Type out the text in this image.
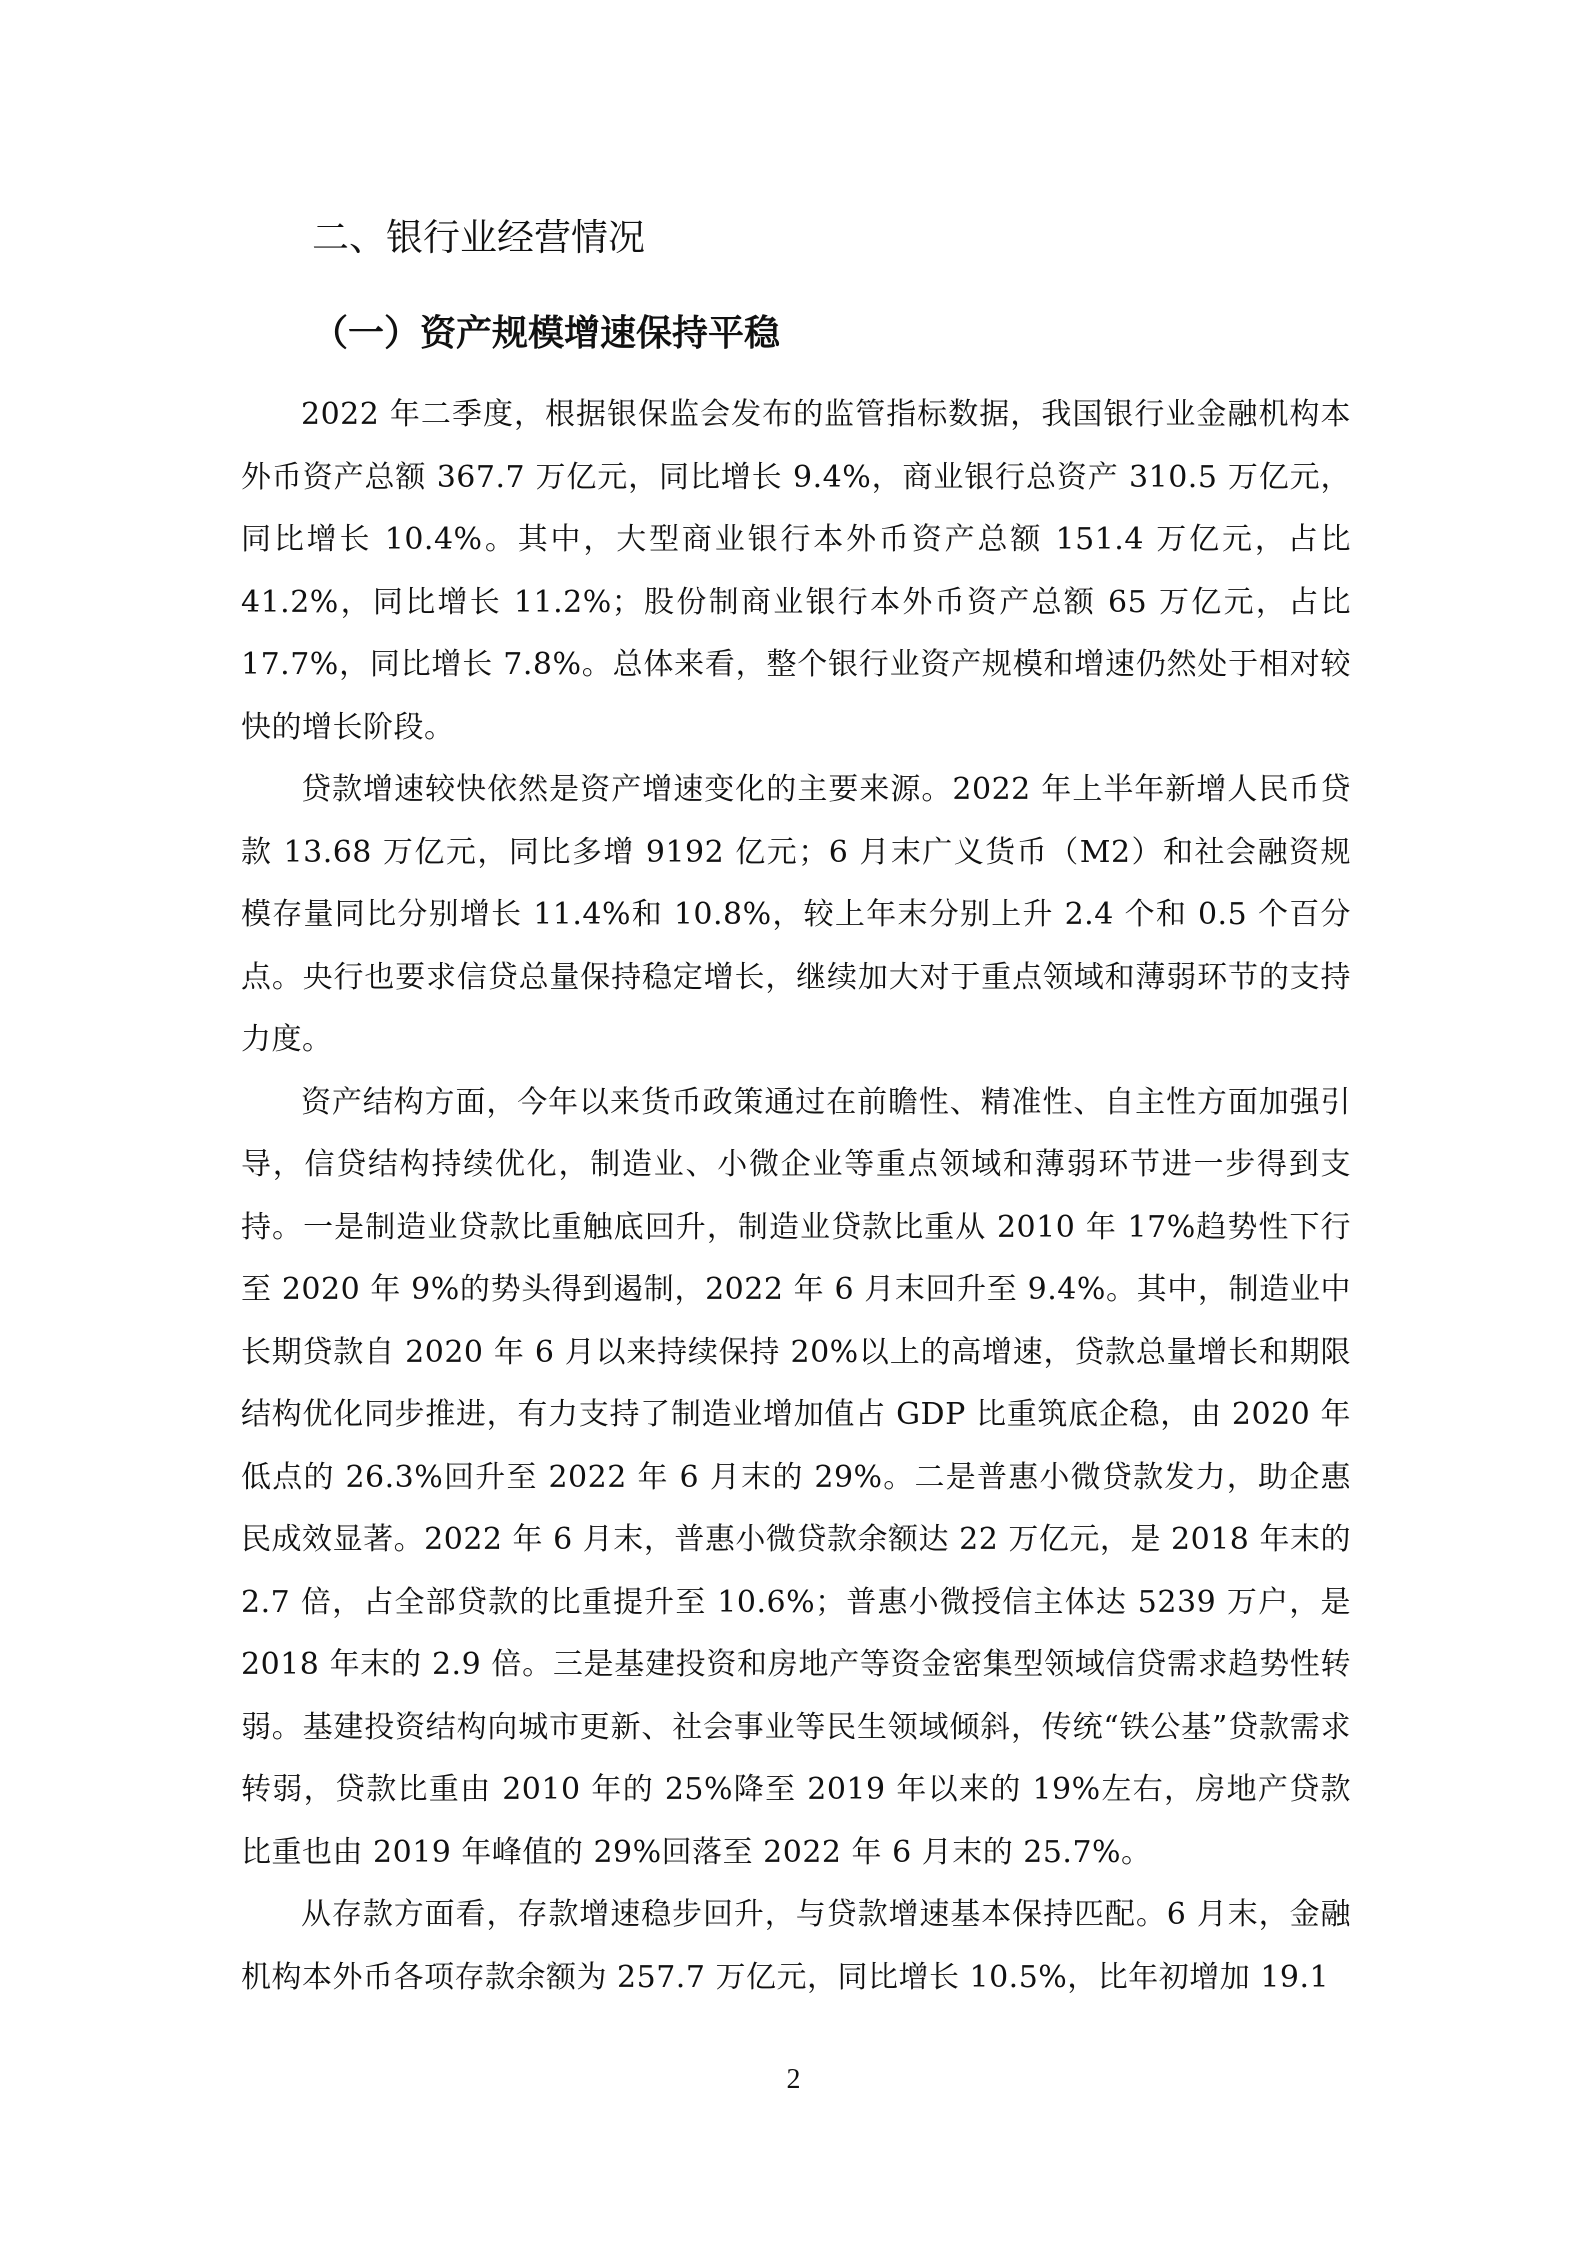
二、银行业经营情况
（一）资产规模增速保持平稳

2022 年二季度，根据银保监会发布的监管指标数据，我国银行业金融机构本外币资产总额 367.7 万亿元，同比增长 9.4%，商业银行总资产 310.5 万亿元，同比增长 10.4%。其中，大型商业银行本外币资产总额 151.4 万亿元，占比 41.2%，同比增长 11.2%；股份制商业银行本外币资产总额 65 万亿元，占比 17.7%，同比增长 7.8%。总体来看，整个银行业资产规模和增速仍然处于相对较快的增长阶段。

贷款增速较快依然是资产增速变化的主要来源。2022 年上半年新增人民币贷款 13.68 万亿元，同比多增 9192 亿元；6 月末广义货币（M2）和社会融资规模存量同比分别增长 11.4%和 10.8%，较上年末分别上升 2.4 个和 0.5 个百分点。央行也要求信贷总量保持稳定增长，继续加大对于重点领域和薄弱环节的支持力度。

资产结构方面，今年以来货币政策通过在前瞻性、精准性、自主性方面加强引导，信贷结构持续优化，制造业、小微企业等重点领域和薄弱环节进一步得到支持。一是制造业贷款比重触底回升，制造业贷款比重从 2010 年 17%趋势性下行至 2020 年 9%的势头得到遏制，2022 年 6 月末回升至 9.4%。其中，制造业中长期贷款自 2020 年 6 月以来持续保持 20%以上的高增速，贷款总量增长和期限结构优化同步推进，有力支持了制造业增加值占 GDP 比重筑底企稳，由 2020 年低点的 26.3%回升至 2022 年 6 月末的 29%。二是普惠小微贷款发力，助企惠民成效显著。2022 年 6 月末，普惠小微贷款余额达 22 万亿元，是 2018 年末的 2.7 倍，占全部贷款的比重提升至 10.6%；普惠小微授信主体达 5239 万户，是 2018 年末的 2.9 倍。三是基建投资和房地产等资金密集型领域信贷需求趋势性转弱。基建投资结构向城市更新、社会事业等民生领域倾斜，传统“铁公基”贷款需求转弱，贷款比重由 2010 年的 25%降至 2019 年以来的 19%左右，房地产贷款比重也由 2019 年峰值的 29%回落至 2022 年 6 月末的 25.7%。

从存款方面看，存款增速稳步回升，与贷款增速基本保持匹配。6 月末，金融机构本外币各项存款余额为 257.7 万亿元，同比增长 10.5%，比年初增加 19.1

2
